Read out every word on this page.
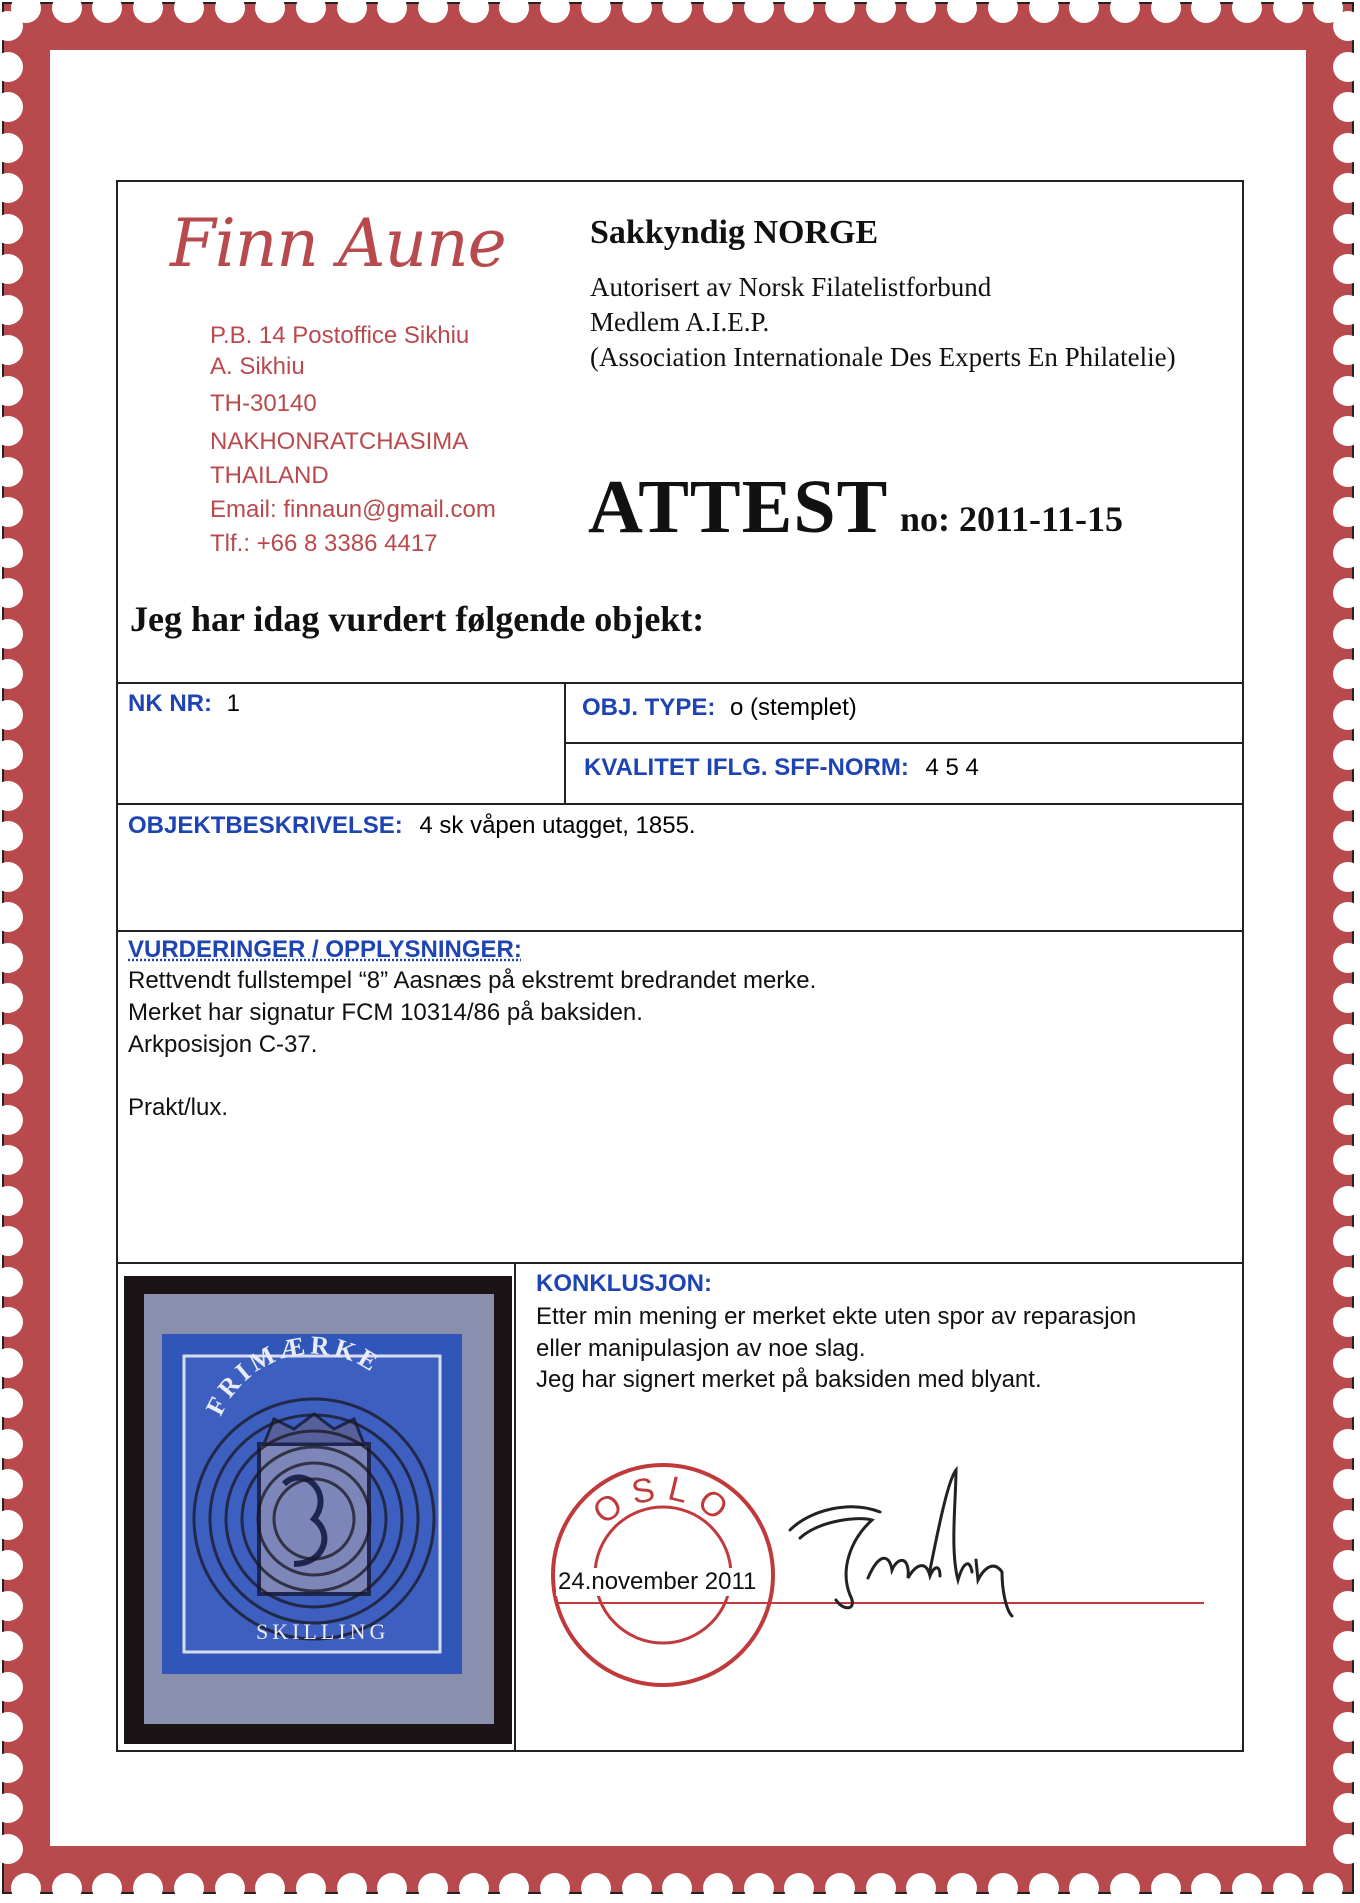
Finn Aune
P.B. 14 Postoffice Sikhiu
A. Sikhiu
TH-30140
NAKHONRATCHASIMA
THAILAND
Email: finnaun@gmail.com
Tlf.: +66 8 3386 4417
Sakkyndig NORGE
Autorisert av Norsk Filatelistforbund
Medlem A.I.E.P.
(Association Internationale Des Experts En Philatelie)
ATTEST no: 2011-11-15
Jeg har idag vurdert følgende objekt:
NK NR: 1	OBJ. TYPE: o (stemplet)
KVALITET IFLG. SFF-NORM: 4 5 4
OBJEKTBESKRIVELSE: 4 sk våpen utagget, 1855.
VURDERINGER / OPPLYSNINGER:
Rettvendt fullstempel “8” Aasnæs på ekstremt bredrandet merke.
Merket har signatur FCM 10314/86 på baksiden.
Arkposisjon C-37.
Prakt/lux.
KONKLUSJON:
Etter min mening er merket ekte uten spor av reparasjon
eller manipulasjon av noe slag.
Jeg har signert merket på baksiden med blyant.
OSLO
24.november 2011
FRIMÆRKE
SKILLING
